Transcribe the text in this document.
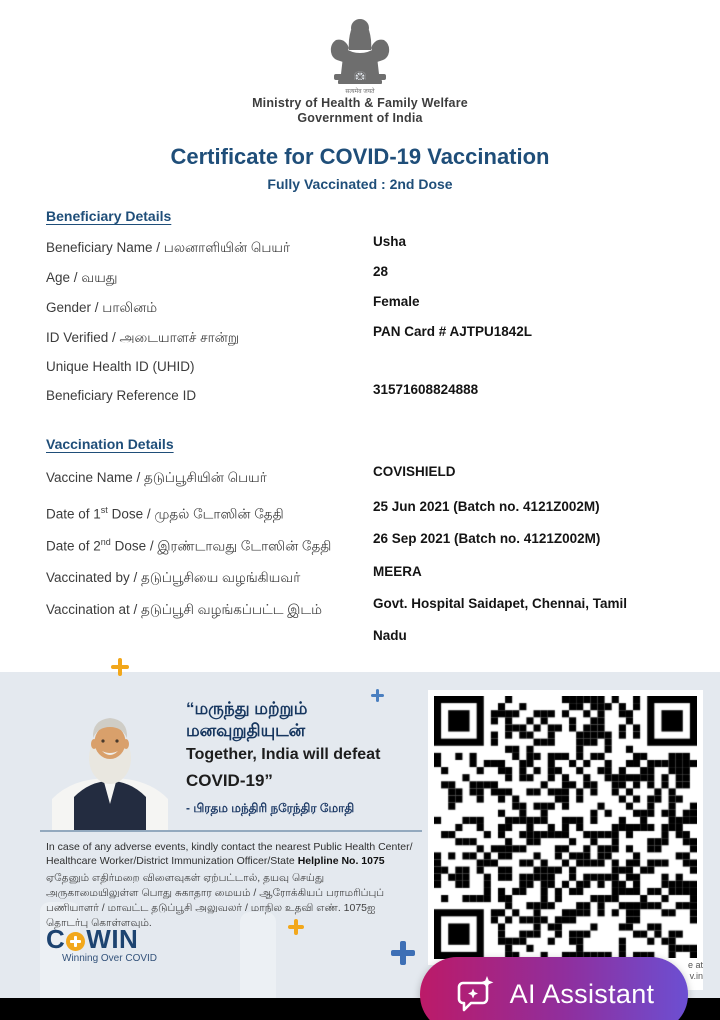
सत्यमेव जयते
Ministry of Health & Family Welfare
Government of India
Certificate for COVID-19 Vaccination
Fully Vaccinated : 2nd Dose
Beneficiary Details
Beneficiary Name / பலனாளியின் பெயர்	Usha
Age / வயது	28
Gender / பாலினம்	Female
ID Verified / அடையாளச் சான்று	PAN Card # AJTPU1842L
Unique Health ID (UHID)
Beneficiary Reference ID	31571608824888
Vaccination Details
Vaccine Name / தடுப்பூசியின் பெயர்	COVISHIELD
Date of 1st Dose / முதல் டோஸின் தேதி	25 Jun 2021 (Batch no. 4121Z002M)
Date of 2nd Dose / இரண்டாவது டோஸின் தேதி	26 Sep 2021 (Batch no. 4121Z002M)
Vaccinated by / தடுப்பூசியை வழங்கியவர்	MEERA
Vaccination at / தடுப்பூசி வழங்கப்பட்ட இடம்	Govt. Hospital Saidapet, Chennai, Tamil Nadu
“மருந்து மற்றும்
மனவுறுதியுடன்
Together, India will defeat
COVID-19”
- பிரதம மந்திரி நரேந்திர மோதி
In case of any adverse events, kindly contact the nearest Public Health Center/ Healthcare Worker/District Immunization Officer/State Helpline No. 1075
ஏதேனும் எதிர்மறை விளைவுகள் ஏற்பட்டால், தயவு செய்து அருகாமையிலுள்ள பொது சுகாதார மையம் / ஆரோக்கியப் பராமரிப்புப் பணியாளர் / மாவட்ட தடுப்பூசி அலுவலர் / மாநில உதவி எண். 1075ஐ தொடர்பு கொள்ளவும்.
C WIN
Winning Over COVID
e at
v.in
AI Assistant
